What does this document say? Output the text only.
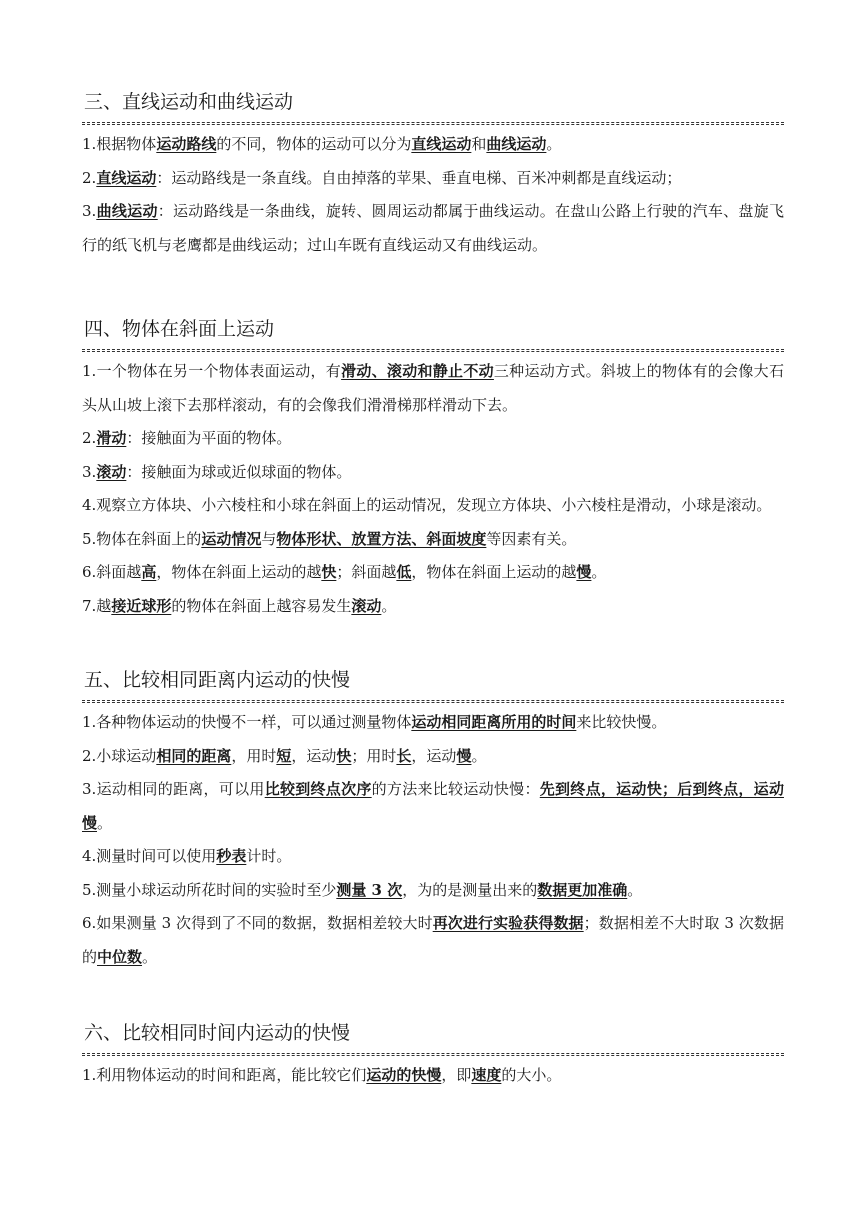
三、直线运动和曲线运动

1.根据物体运动路线的不同，物体的运动可以分为直线运动和曲线运动。

2.直线运动：运动路线是一条直线。自由掉落的苹果、垂直电梯、百米冲刺都是直线运动；

3.曲线运动：运动路线是一条曲线，旋转、圆周运动都属于曲线运动。在盘山公路上行驶的汽车、盘旋飞行的纸飞机与老鹰都是曲线运动；过山车既有直线运动又有曲线运动。

四、物体在斜面上运动

1.一个物体在另一个物体表面运动，有滑动、滚动和静止不动三种运动方式。斜坡上的物体有的会像大石头从山坡上滚下去那样滚动，有的会像我们滑滑梯那样滑动下去。

2.滑动：接触面为平面的物体。

3.滚动：接触面为球或近似球面的物体。

4.观察立方体块、小六棱柱和小球在斜面上的运动情况，发现立方体块、小六棱柱是滑动，小球是滚动。

5.物体在斜面上的运动情况与物体形状、放置方法、斜面坡度等因素有关。

6.斜面越高，物体在斜面上运动的越快；斜面越低，物体在斜面上运动的越慢。

7.越接近球形的物体在斜面上越容易发生滚动。

五、比较相同距离内运动的快慢

1.各种物体运动的快慢不一样，可以通过测量物体运动相同距离所用的时间来比较快慢。

2.小球运动相同的距离，用时短，运动快；用时长，运动慢。

3.运动相同的距离，可以用比较到终点次序的方法来比较运动快慢：先到终点，运动快；后到终点，运动慢。

4.测量时间可以使用秒表计时。

5.测量小球运动所花时间的实验时至少测量 3 次，为的是测量出来的数据更加准确。

6.如果测量 3 次得到了不同的数据，数据相差较大时再次进行实验获得数据；数据相差不大时取 3 次数据的中位数。

六、比较相同时间内运动的快慢

1.利用物体运动的时间和距离，能比较它们运动的快慢，即速度的大小。
